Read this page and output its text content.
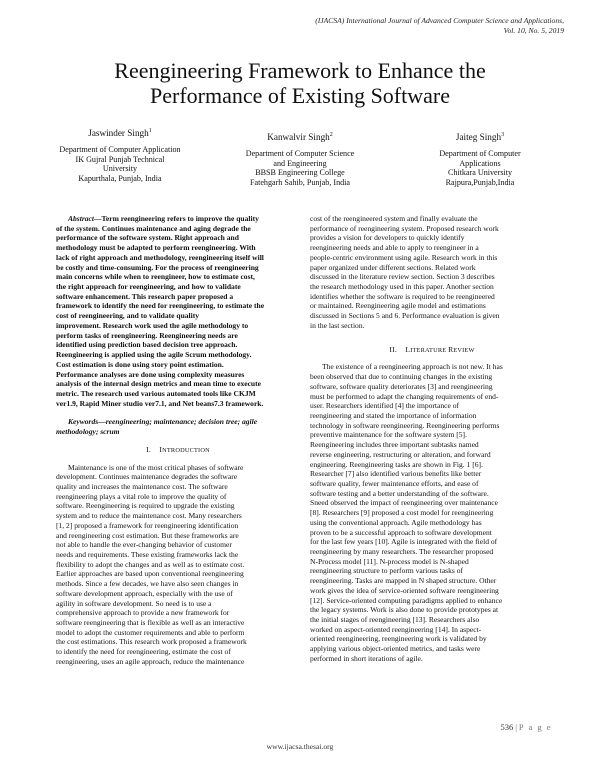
(IJACSA) International Journal of Advanced Computer Science and Applications,
Vol. 10, No. 5, 2019
Reengineering Framework to Enhance the
Performance of Existing Software
Jaswinder Singh$^1$
Department of Computer Application
IK Gujral Punjab Technical
University
Kapurthala, Punjab, India
Kanwalvir Singh$^2$
Department of Computer Science
and Engineering
BBSB Engineering College
Fatehgarh Sahib, Punjab, India
Jaiteg Singh$^3$
Department of Computer
Applications
Chitkara University
Rajpura,Punjab,India
Abstract—Term reengineering refers to improve the quality
of the system. Continues maintenance and aging degrade the
performance of the software system. Right approach and
methodology must be adapted to perform reengineering. With
lack of right approach and methodology, reengineering itself will
be costly and time-consuming. For the process of reengineering
main concerns while when to reengineer, how to estimate cost,
the right approach for reengineering, and how to validate
software enhancement. This research paper proposed a
framework to identify the need for reengineering, to estimate the
cost of reengineering, and to validate quality
improvement. Research work used the agile methodology to
perform tasks of reengineering. Reengineering needs are
identified using prediction based decision tree approach.
Reengineering is applied using the agile Scrum methodology.
Cost estimation is done using story point estimation.
Performance analyses are done using complexity measures
analysis of the internal design metrics and mean time to execute
metric. The research used various automated tools like CKJM
ver1.9, Rapid Miner studio ver7.1, and Net beans7.3 framework.
Keywords—reengineering; maintenance; decision tree; agile
methodology; scrum
I. INTRODUCTION
Maintenance is one of the most critical phases of software
development. Continues maintenance degrades the software
quality and increases the maintenance cost. The software
reengineering plays a vital role to improve the quality of
software. Reengineering is required to upgrade the existing
system and to reduce the maintenance cost. Many researchers
[1, 2] proposed a framework for reengineering identification
and reengineering cost estimation. But these frameworks are
not able to handle the ever-changing behavior of customer
needs and requirements. These existing frameworks lack the
flexibility to adopt the changes and as well as to estimate cost.
Earlier approaches are based upon conventional reengineering
methods. Since a few decades, we have also seen changes in
software development approach, especially with the use of
agility in software development. So need is to use a
comprehensive approach to provide a new framework for
software reengineering that is flexible as well as an interactive
model to adopt the customer requirements and able to perform
the cost estimations. This research work proposed a framework
to identify the need for reengineering, estimate the cost of
reengineering, uses an agile approach, reduce the maintenance
cost of the reengineered system and finally evaluate the
performance of reengineering system. Proposed research work
provides a vision for developers to quickly identify
reengineering needs and able to apply to reengineer in a
people-centric environment using agile. Research work in this
paper organized under different sections. Related work
discussed in the literature review section. Section 3 describes
the research methodology used in this paper. Another section
identifies whether the software is required to be reengineered
or maintained. Reengineering agile model and estimations
discussed in Sections 5 and 6. Performance evaluation is given
in the last section.
II. LITERATURE REVIEW
The existence of a reengineering approach is not new. It has
been observed that due to continuing changes in the existing
software, software quality deteriorates [3] and reengineering
must be performed to adapt the changing requirements of end-
user. Researchers identified [4] the importance of
reengineering and stated the importance of information
technology in software reengineering. Reengineering performs
preventive maintenance for the software system [5].
Reengineering includes three important subtasks named
reverse engineering, restructuring or alteration, and forward
engineering. Reengineering tasks are shown in Fig. 1 [6].
Researcher [7] also identified various benefits like better
software quality, fewer maintenance efforts, and ease of
software testing and a better understanding of the software.
Sneed observed the impact of reengineering over maintenance
[8]. Researchers [9] proposed a cost model for reengineering
using the conventional approach. Agile methodology has
proven to be a successful approach to software development
for the last few years [10]. Agile is integrated with the field of
reengineering by many researchers. The researcher proposed
N-Process model [11]. N-process model is N-shaped
reengineering structure to perform various tasks of
reengineering. Tasks are mapped in N shaped structure. Other
work gives the idea of service-oriented software reengineering
[12]. Service-oriented computing paradigms applied to enhance
the legacy systems. Work is also done to provide prototypes at
the initial stages of reengineering [13]. Researchers also
worked on aspect-oriented reengineering [14]. In aspect-
oriented reengineering, reengineering work is validated by
applying various object-oriented metrics, and tasks were
performed in short iterations of agile.
536 | P a g e
www.ijacsa.thesai.org
